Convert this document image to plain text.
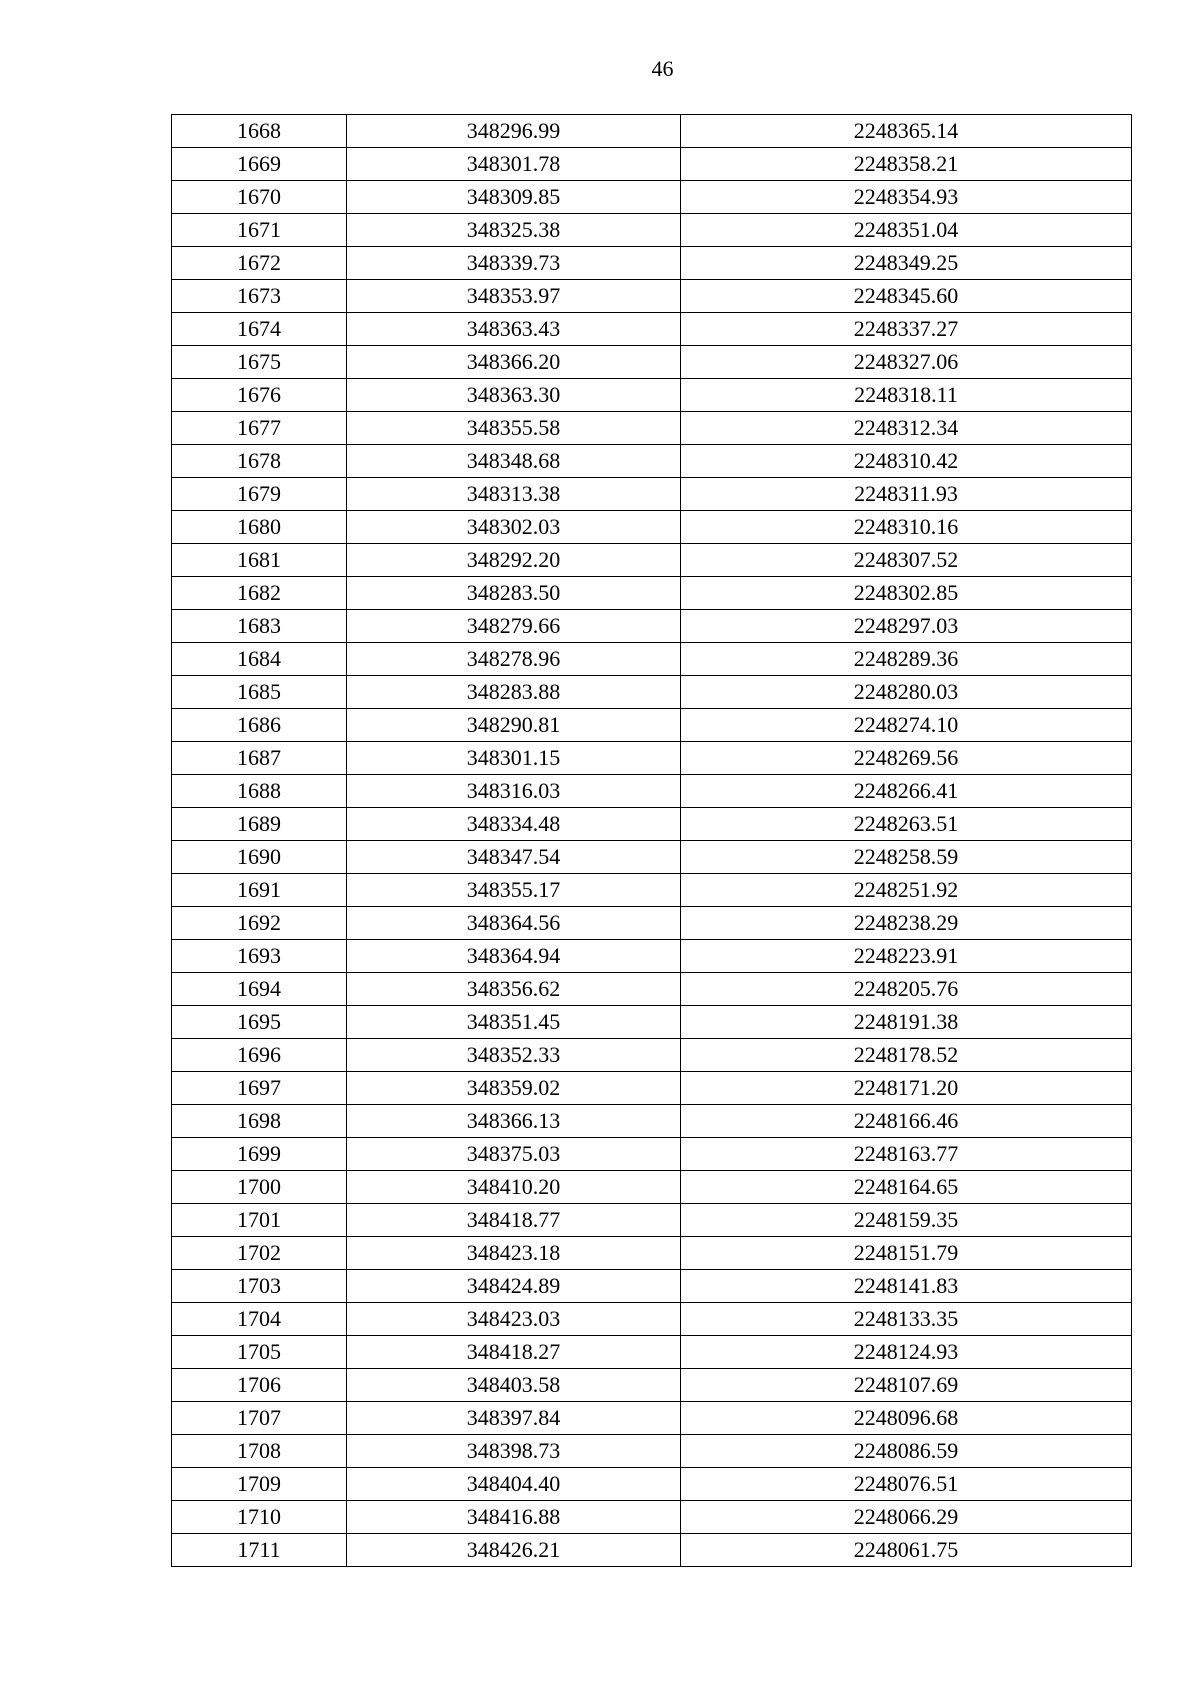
46
1668	348296.99	2248365.14
1669	348301.78	2248358.21
1670	348309.85	2248354.93
1671	348325.38	2248351.04
1672	348339.73	2248349.25
1673	348353.97	2248345.60
1674	348363.43	2248337.27
1675	348366.20	2248327.06
1676	348363.30	2248318.11
1677	348355.58	2248312.34
1678	348348.68	2248310.42
1679	348313.38	2248311.93
1680	348302.03	2248310.16
1681	348292.20	2248307.52
1682	348283.50	2248302.85
1683	348279.66	2248297.03
1684	348278.96	2248289.36
1685	348283.88	2248280.03
1686	348290.81	2248274.10
1687	348301.15	2248269.56
1688	348316.03	2248266.41
1689	348334.48	2248263.51
1690	348347.54	2248258.59
1691	348355.17	2248251.92
1692	348364.56	2248238.29
1693	348364.94	2248223.91
1694	348356.62	2248205.76
1695	348351.45	2248191.38
1696	348352.33	2248178.52
1697	348359.02	2248171.20
1698	348366.13	2248166.46
1699	348375.03	2248163.77
1700	348410.20	2248164.65
1701	348418.77	2248159.35
1702	348423.18	2248151.79
1703	348424.89	2248141.83
1704	348423.03	2248133.35
1705	348418.27	2248124.93
1706	348403.58	2248107.69
1707	348397.84	2248096.68
1708	348398.73	2248086.59
1709	348404.40	2248076.51
1710	348416.88	2248066.29
1711	348426.21	2248061.75
